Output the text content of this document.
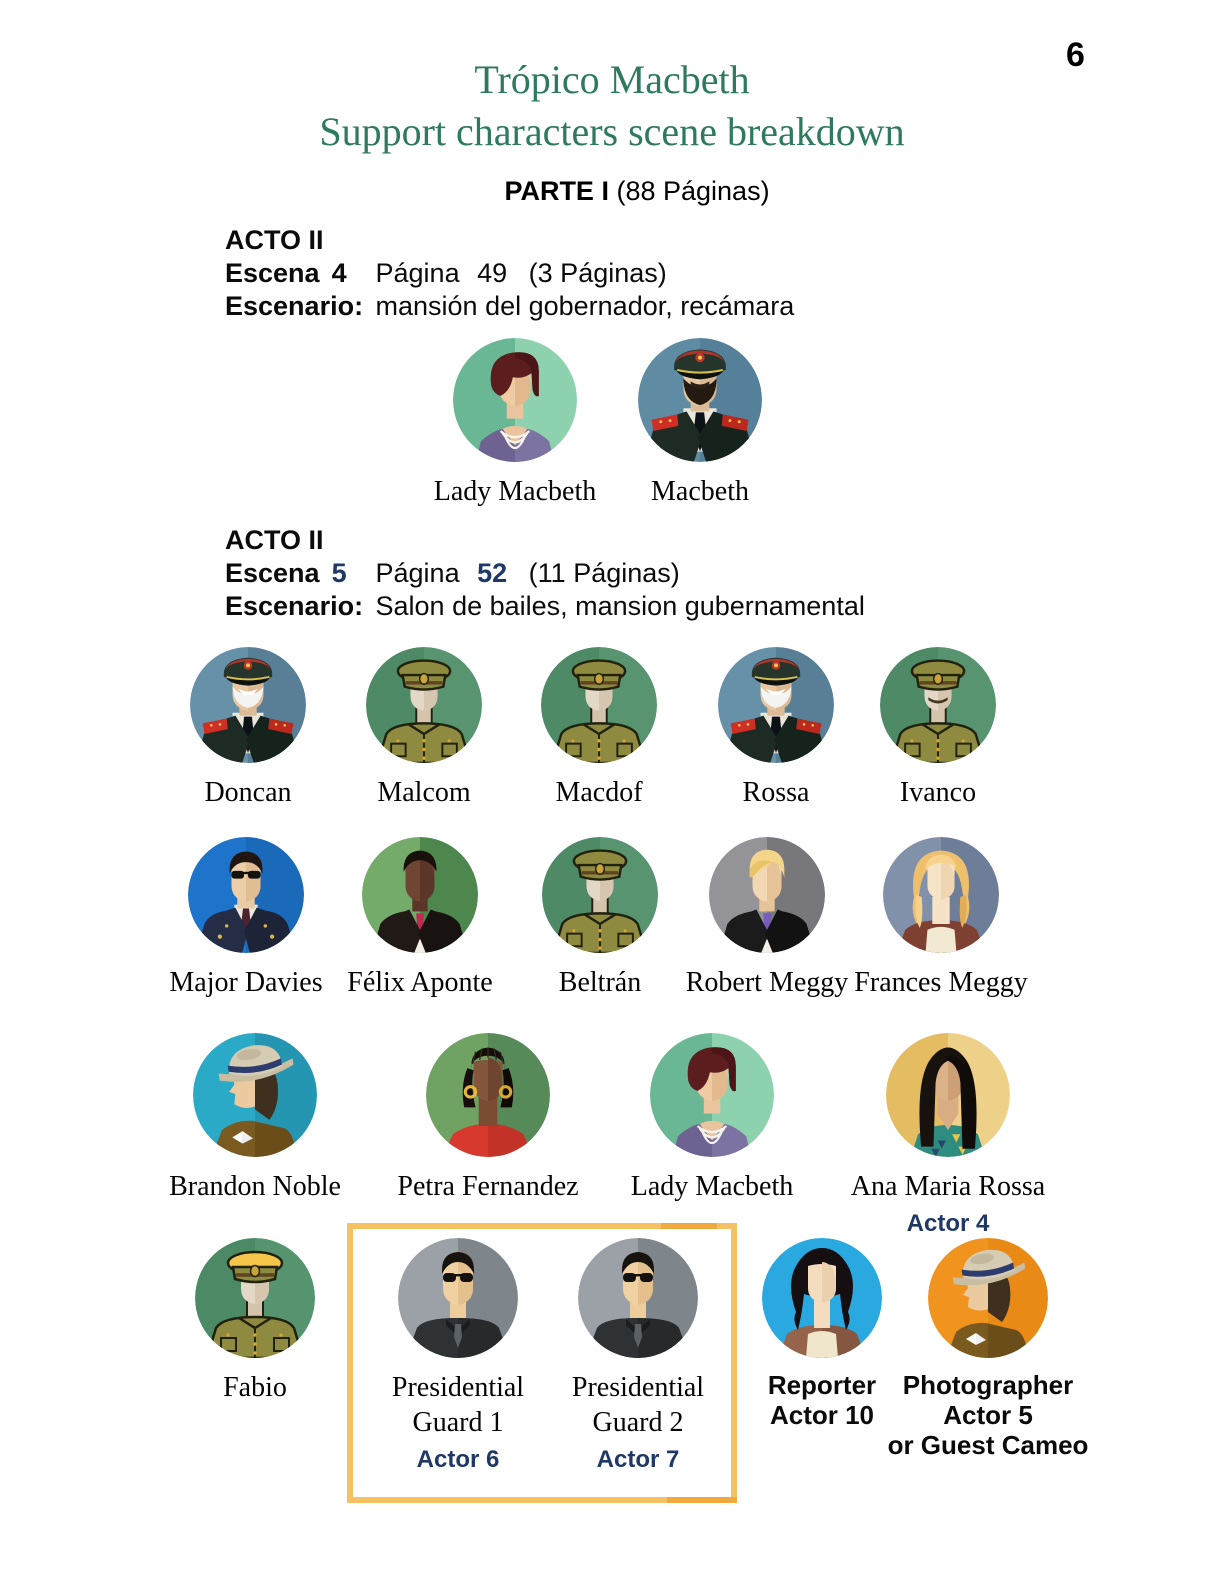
6
Trópico Macbeth
Support characters scene breakdown
PARTE I (88 Páginas)
ACTO II
Escena 4 Página 49 (3 Páginas)
Escenario: mansión del gobernador, recámara
ACTO II
Escena 5 Página 52 (11 Páginas)
Escenario: Salon de bailes, mansion gubernamental
Lady Macbeth	Macbeth
Doncan	Malcom	Macdof	Rossa	Ivanco
Major Davies Félix Aponte	Beltrán	Robert Meggy Frances Meggy
Brandon Noble	Petra Fernandez	Lady Macbeth	Ana Maria Rossa
Actor 4
Fabio	Presidential
Guard 1
Actor 6
Presidential
Guard 2
Actor 7
Reporter
Actor 10
Photographer
Actor 5
or Guest Cameo
